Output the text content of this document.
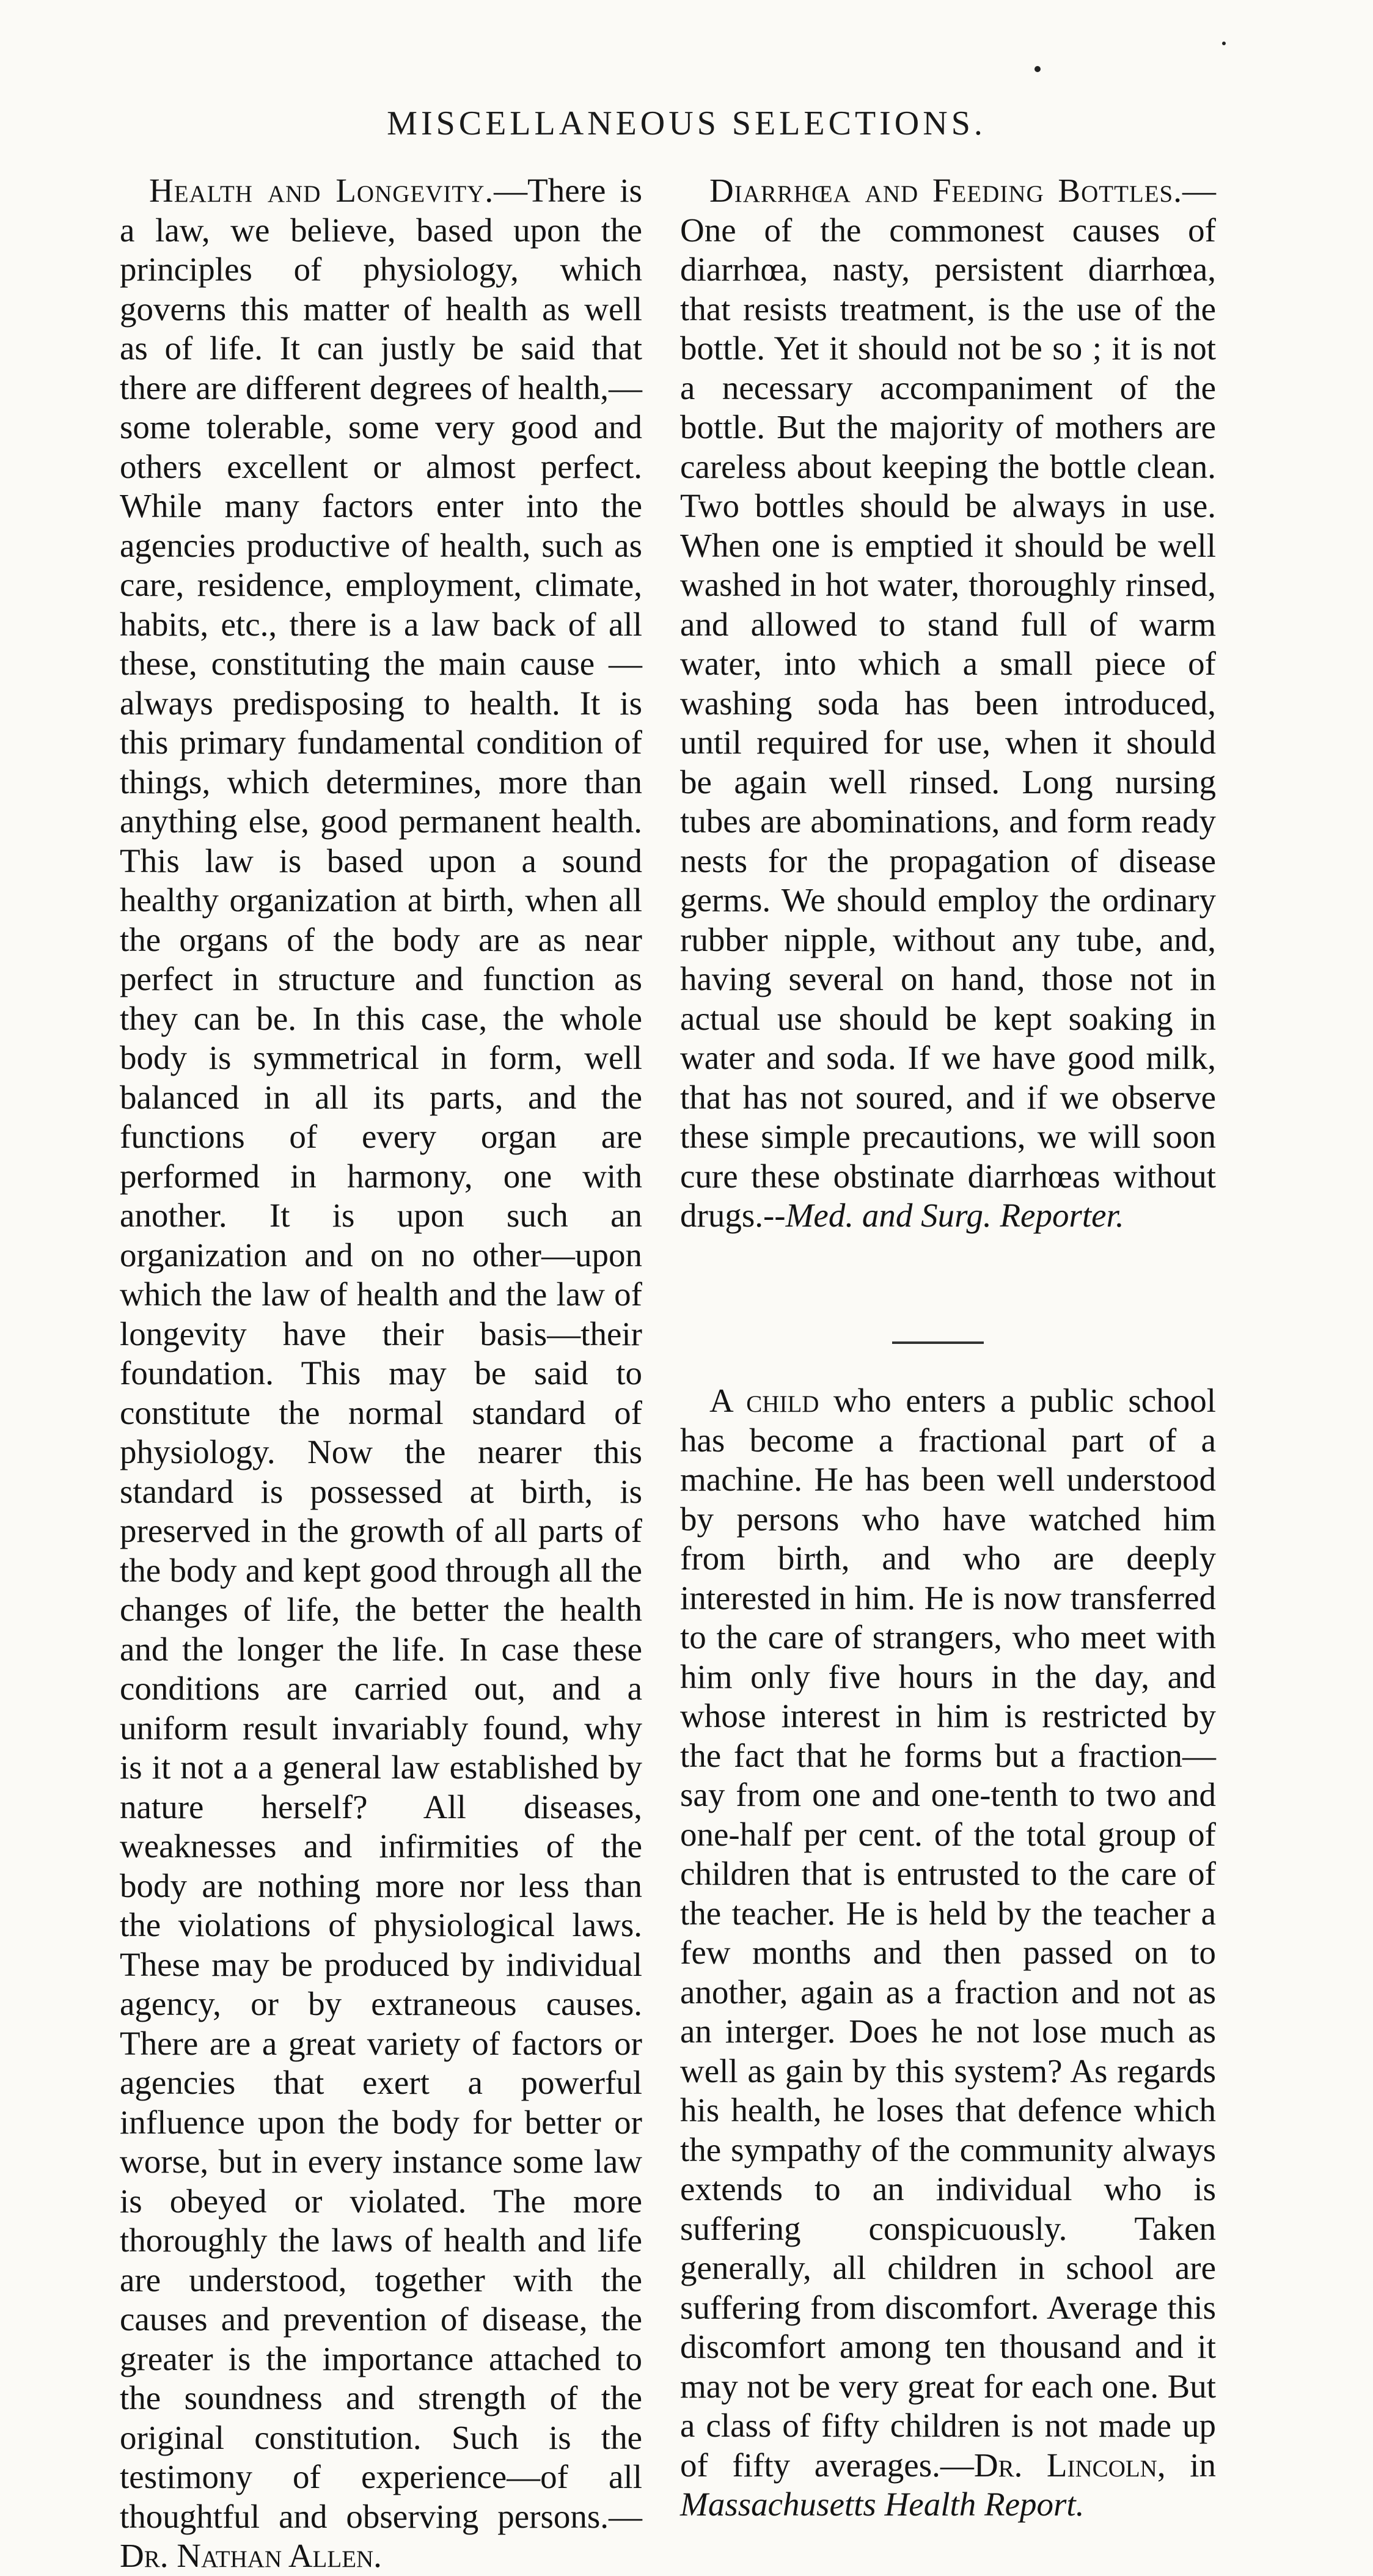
MISCELLANEOUS SELECTIONS.

Health and Longevity.—There is a law, we believe, based upon the principles of physiology, which governs this matter of health as well as of life. It can justly be said that there are different degrees of health,—some tolerable, some very good and others excellent or almost perfect. While many factors enter into the agencies productive of health, such as care, residence, employment, climate, habits, etc., there is a law back of all these, constituting the main cause —always predisposing to health. It is this primary fundamental condition of things, which determines, more than anything else, good permanent health. This law is based upon a sound healthy organization at birth, when all the organs of the body are as near perfect in structure and function as they can be. In this case, the whole body is symmetrical in form, well balanced in all its parts, and the functions of every organ are performed in harmony, one with another. It is upon such an organization and on no other—upon which the law of health and the law of longevity have their basis—their foundation. This may be said to constitute the normal standard of physiology. Now the nearer this standard is possessed at birth, is preserved in the growth of all parts of the body and kept good through all the changes of life, the better the health and the longer the life. In case these conditions are carried out, and a uniform result invariably found, why is it not a a general law established by nature herself? All diseases, weaknesses and infirmities of the body are nothing more nor less than the violations of physiological laws. These may be produced by individual agency, or by extraneous causes. There are a great variety of factors or agencies that exert a powerful influence upon the body for better or worse, but in every instance some law is obeyed or violated. The more thoroughly the laws of health and life are understood, together with the causes and prevention of disease, the greater is the importance attached to the soundness and strength of the original constitution. Such is the testimony of experience—of all thoughtful and observing persons.—Dr. Nathan Allen.

Diarrhœa and Feeding Bottles.—One of the commonest causes of diarrhœa, nasty, persistent diarrhœa, that resists treatment, is the use of the bottle. Yet it should not be so ; it is not a necessary accompaniment of the bottle. But the majority of mothers are careless about keeping the bottle clean. Two bottles should be always in use. When one is emptied it should be well washed in hot water, thoroughly rinsed, and allowed to stand full of warm water, into which a small piece of washing soda has been introduced, until required for use, when it should be again well rinsed. Long nursing tubes are abominations, and form ready nests for the propagation of disease germs. We should employ the ordinary rubber nipple, without any tube, and, having several on hand, those not in actual use should be kept soaking in water and soda. If we have good milk, that has not soured, and if we observe these simple precautions, we will soon cure these obstinate diarrhœas without drugs.--Med. and Surg. Reporter.

A child who enters a public school has become a fractional part of a machine. He has been well understood by persons who have watched him from birth, and who are deeply interested in him. He is now transferred to the care of strangers, who meet with him only five hours in the day, and whose interest in him is restricted by the fact that he forms but a fraction—say from one and one-tenth to two and one-half per cent. of the total group of children that is entrusted to the care of the teacher. He is held by the teacher a few months and then passed on to another, again as a fraction and not as an interger. Does he not lose much as well as gain by this system? As regards his health, he loses that defence which the sympathy of the community always extends to an individual who is suffering conspicuously. Taken generally, all children in school are suffering from discomfort. Average this discomfort among ten thousand and it may not be very great for each one. But a class of fifty children is not made up of fifty averages.—Dr. Lincoln, in Massachusetts Health Report.
